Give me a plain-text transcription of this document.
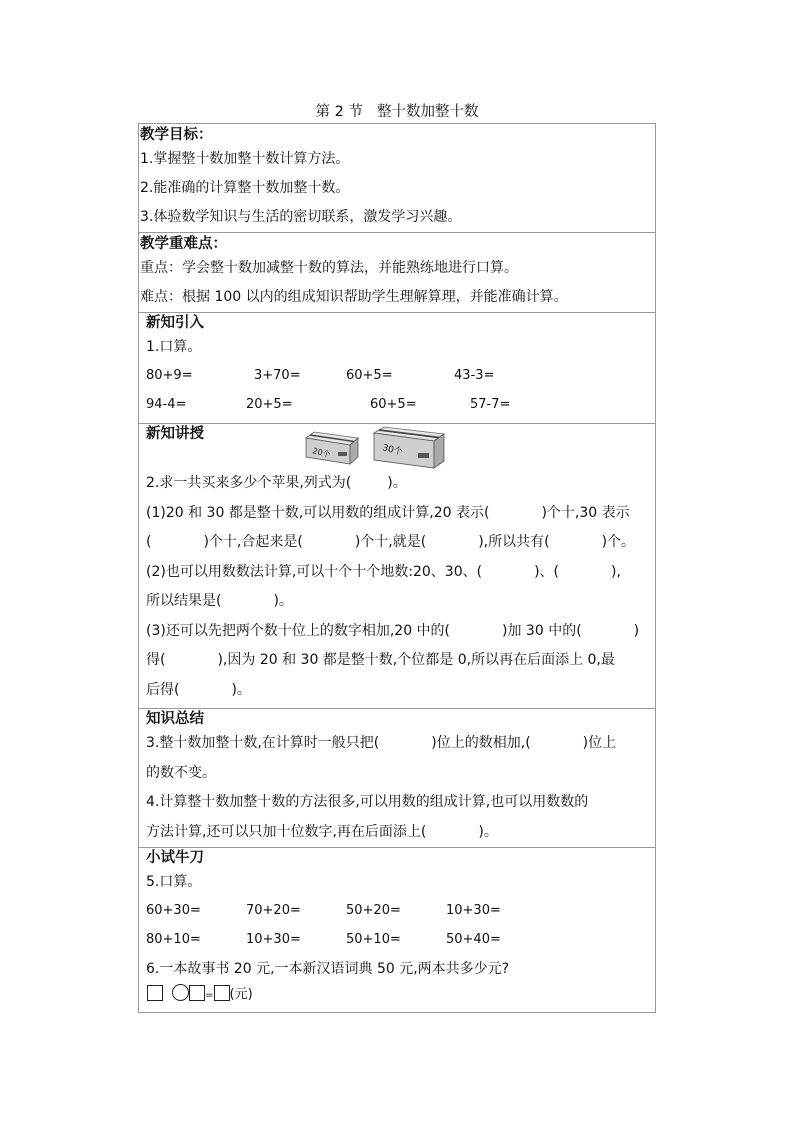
第 2 节 整十数加整十数
教学目标：
1.掌握整十数加整十数计算方法。
2.能准确的计算整十数加整十数。
3.体验数学知识与生活的密切联系，激发学习兴趣。

教学重难点：
重点：学会整十数加减整十数的算法，并能熟练地进行口算。
难点：根据 100 以内的组成知识帮助学生理解算理，并能准确计算。

新知引入
1.口算。
80+9=	3+70=	60+5=	43-3=
94-4=	20+5=	60+5=	57-7=

新知讲授
2.求一共买来多少个苹果,列式为(	)。
(1)20 和 30 都是整十数,可以用数的组成计算,20 表示(	)个十,30 表示
(	)个十,合起来是(	)个十,就是(	),所以共有(	)个。
(2)也可以用数数法计算,可以十个十个地数:20、30、(	)、(	),
所以结果是(	)。
(3)还可以先把两个数十位上的数字相加,20 中的(	)加 30 中的(	)
得(	),因为 20 和 30 都是整十数,个位都是 0,所以再在后面添上 0,最
后得(	)。

知识总结
3.整十数加整十数,在计算时一般只把(	)位上的数相加,(	)位上
的数不变。
4.计算整十数加整十数的方法很多,可以用数的组成计算,也可以用数数的
方法计算,还可以只加十位数字,再在后面添上(	)。

小试牛刀
5.口算。
60+30=	70+20=	50+20=	10+30=
80+10=	10+30=	50+10=	50+40=
6.一本故事书 20 元,一本新汉语词典 50 元,两本共多少元?
= (元)
20个	30个
